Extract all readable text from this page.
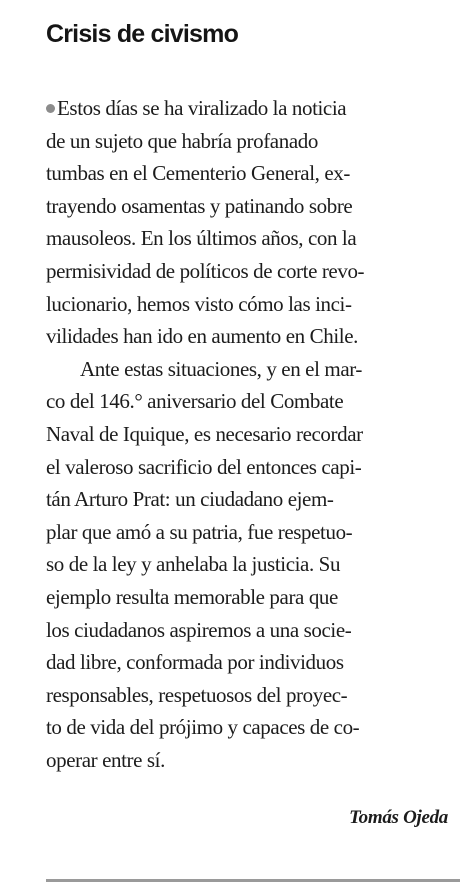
Crisis de civismo
Estos días se ha viralizado la noticia
de un sujeto que habría profanado
tumbas en el Cementerio General, ex-
trayendo osamentas y patinando sobre
mausoleos. En los últimos años, con la
permisividad de políticos de corte revo-
lucionario, hemos visto cómo las inci-
vilidades han ido en aumento en Chile.
Ante estas situaciones, y en el mar-
co del 146.° aniversario del Combate
Naval de Iquique, es necesario recordar
el valeroso sacrificio del entonces capi-
tán Arturo Prat: un ciudadano ejem-
plar que amó a su patria, fue respetuo-
so de la ley y anhelaba la justicia. Su
ejemplo resulta memorable para que
los ciudadanos aspiremos a una socie-
dad libre, conformada por individuos
responsables, respetuosos del proyec-
to de vida del prójimo y capaces de co-
operar entre sí.

Tomás Ojeda
